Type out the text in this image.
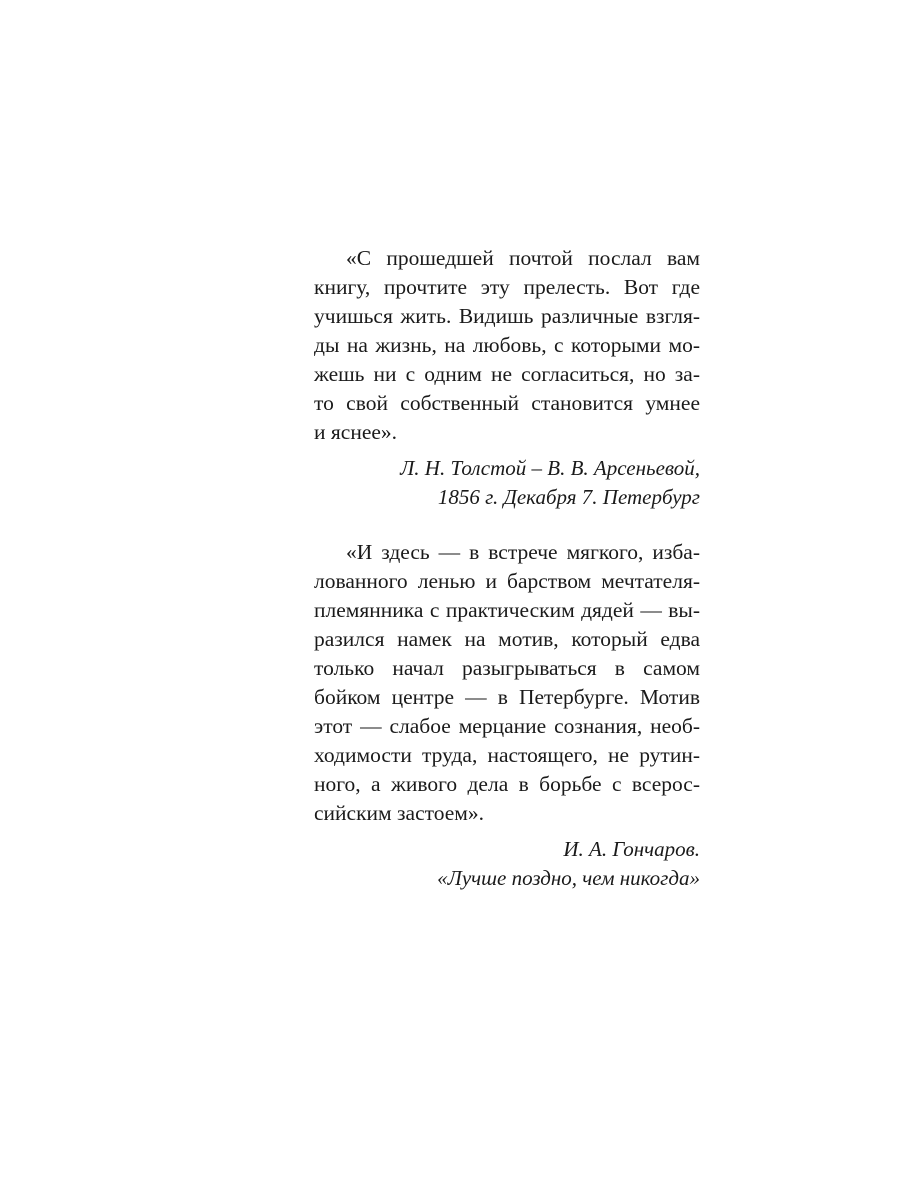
«С прошедшей почтой послал вам
книгу, прочтите эту прелесть. Вот где
учишься жить. Видишь различные взгля-
ды на жизнь, на любовь, с которыми мо-
жешь ни с одним не согласиться, но за-
то свой собственный становится умнее
и яснее».
Л. Н. Толстой – В. В. Арсеньевой,
1856 г. Декабря 7. Петербург
«И здесь — в встрече мягкого, изба-
лованного ленью и барством мечтателя-
племянника с практическим дядей — вы-
разился намек на мотив, который едва
только начал разыгрываться в самом
бойком центре — в Петербурге. Мотив
этот — слабое мерцание сознания, необ-
ходимости труда, настоящего, не рутин-
ного, а живого дела в борьбе с всерос-
сийским застоем».
И. А. Гончаров.
«Лучше поздно, чем никогда»
